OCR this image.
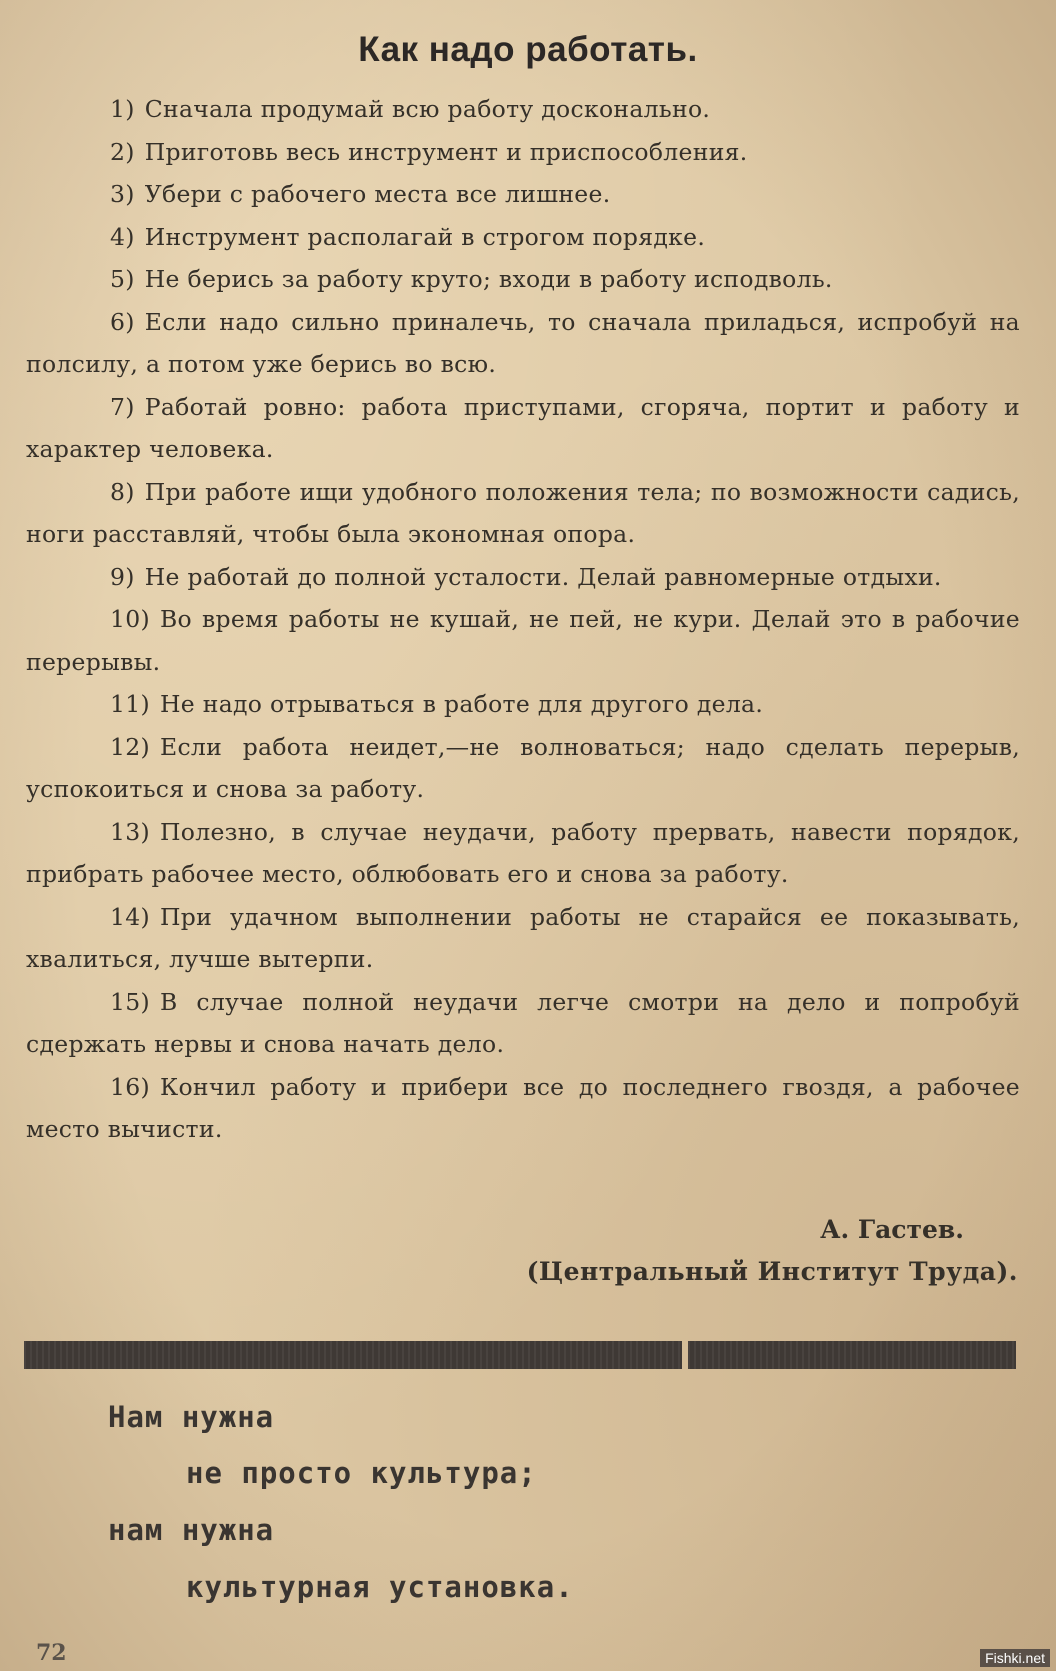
Как надо работать.

1) Сначала продумай всю работу досконально.

2) Приготовь весь инструмент и приспособления.

3) Убери с рабочего места все лишнее.

4) Инструмент располагай в строгом порядке.

5) Не берись за работу круто; входи в работу исподволь.

6) Если надо сильно приналечь, то сначала приладься, испробуй на полсилу, а потом уже берись во всю.

7) Работай ровно: работа приступами, сгоряча, портит и работу и характер человека.

8) При работе ищи удобного положения тела; по возможности садись, ноги расставляй, чтобы была экономная опора.

9) Не работай до полной усталости. Делай равномерные отдыхи.

10) Во время работы не кушай, не пей, не кури. Делай это в рабочие перерывы.

11) Не надо отрываться в работе для другого дела.

12) Если работа неидет,—не волноваться; надо сделать перерыв, успокоиться и снова за работу.

13) Полезно, в случае неудачи, работу прервать, навести порядок, прибрать рабочее место, облюбовать его и снова за работу.

14) При удачном выполнении работы не старайся ее показывать, хвалиться, лучше вытерпи.

15) В случае полной неудачи легче смотри на дело и попробуй сдержать нервы и снова начать дело.

16) Кончил работу и прибери все до последнего гвоздя, а рабочее место вычисти.

А. Гастев.
(Центральный Институт Труда).
Нам нужна
не просто культура;
нам нужна
культурная установка.
72	Fishki.net
